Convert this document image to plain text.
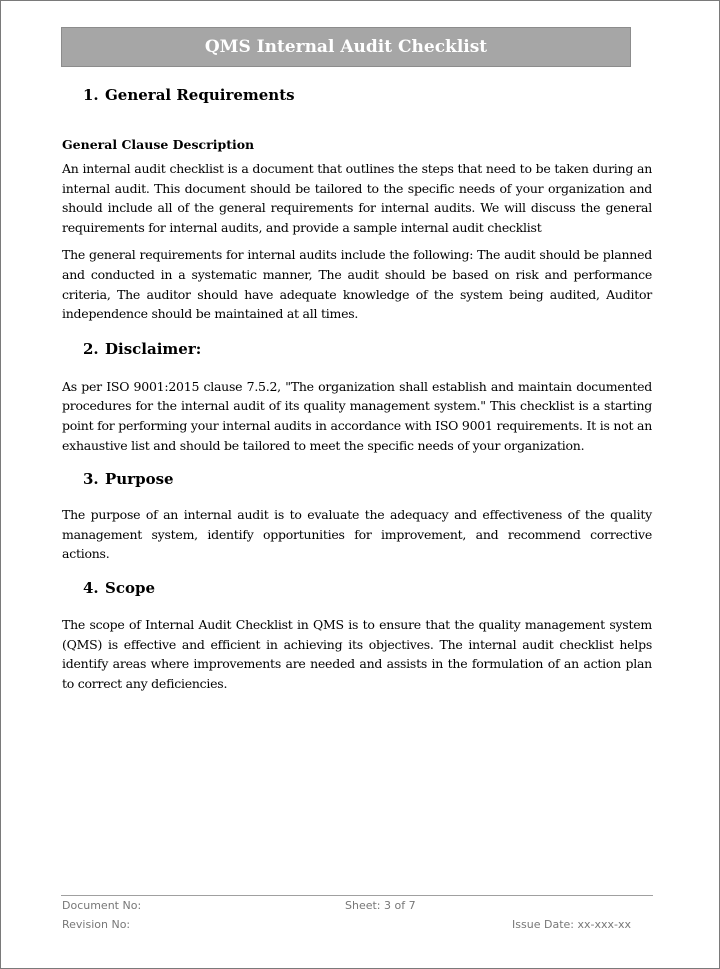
QMS Internal Audit Checklist
1. General Requirements
General Clause Description

An internal audit checklist is a document that outlines the steps that need to be taken during an internal audit. This document should be tailored to the specific needs of your organization and should include all of the general requirements for internal audits. We will discuss the general requirements for internal audits, and provide a sample internal audit checklist

The general requirements for internal audits include the following: The audit should be planned and conducted in a systematic manner, The audit should be based on risk and performance criteria, The auditor should have adequate knowledge of the system being audited, Auditor independence should be maintained at all times.

2. Disclaimer:

As per ISO 9001:2015 clause 7.5.2, "The organization shall establish and maintain documented procedures for the internal audit of its quality management system." This checklist is a starting point for performing your internal audits in accordance with ISO 9001 requirements. It is not an exhaustive list and should be tailored to meet the specific needs of your organization.

3. Purpose

The purpose of an internal audit is to evaluate the adequacy and effectiveness of the quality management system, identify opportunities for improvement, and recommend corrective actions.

4. Scope

The scope of Internal Audit Checklist in QMS is to ensure that the quality management system (QMS) is effective and efficient in achieving its objectives. The internal audit checklist helps identify areas where improvements are needed and assists in the formulation of an action plan to correct any deficiencies.

Document No:	Sheet: 3 of 7
Revision No:	Issue Date: xx-xxx-xx
